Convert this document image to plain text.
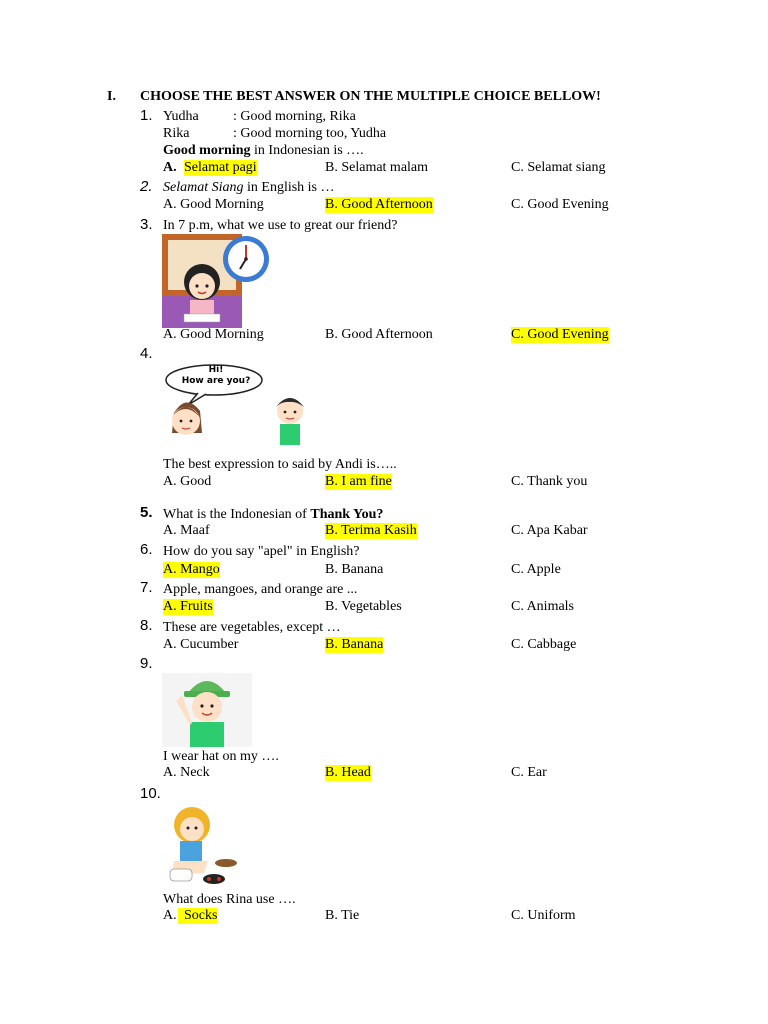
I. CHOOSE THE BEST ANSWER ON THE MULTIPLE CHOICE BELLOW!
1. Yudha : Good morning, Rika
Rika	: Good morning too, Yudha
Good morning in Indonesian is ….
A. Selamat pagi	B. Selamat malam	C. Selamat siang
2. Selamat Siang in English is …
A. Good Morning	B. Good Afternoon	C. Good Evening
3. In 7 p.m, what we use to great our friend?
A. Good Morning	B. Good Afternoon	C. Good Evening
4.
Hi!
How are you?
The best expression to said by Andi is…..
A. Good	B. I am fine	C. Thank you
5. What is the Indonesian of Thank You?
A. Maaf	B. Terima Kasih	C. Apa Kabar
6. How do you say "apel" in English?
A. Mango	B. Banana	C. Apple
7. Apple, mangoes, and orange are ...
A. Fruits	B. Vegetables	C. Animals
8. These are vegetables, except …
A. Cucumber	B. Banana	C. Cabbage
9.
I wear hat on my ….
A. Neck	B. Head	C. Ear
10.
What does Rina use ….
A. Socks	B. Tie	C. Uniform
